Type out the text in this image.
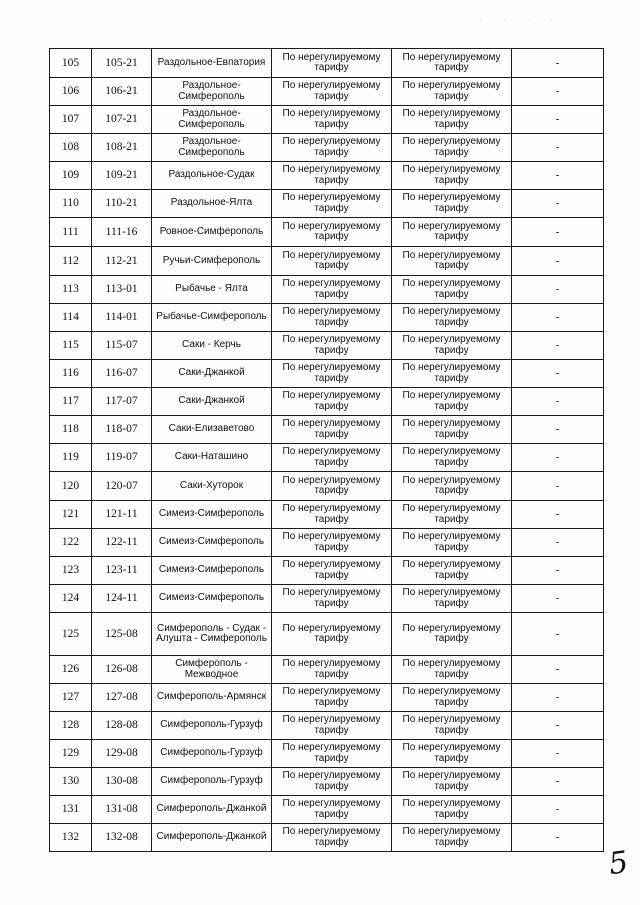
· · · ·
105	105-21	Раздольное-Евпатория	По нерегулируемому
тарифу	По нерегулируемому
тарифу	-
106	106-21	Раздольное-Симферополь	По нерегулируемому
тарифу	По нерегулируемому
тарифу	-
107	107-21	Раздольное-Симферополь	По нерегулируемому
тарифу	По нерегулируемому
тарифу	-
108	108-21	Раздольное-Симферополь	По нерегулируемому
тарифу	По нерегулируемому
тарифу	-
109	109-21	Раздольное-Судак	По нерегулируемому
тарифу	По нерегулируемому
тарифу	-
110	110-21	Раздольное-Ялта	По нерегулируемому
тарифу	По нерегулируемому
тарифу	-
111	111-16	Ровное-Симферополь	По нерегулируемому
тарифу	По нерегулируемому
тарифу	-
112	112-21	Ручьи-Симферополь	По нерегулируемому
тарифу	По нерегулируемому
тарифу	-
113	113-01	Рыбачье - Ялта	По нерегулируемому
тарифу	По нерегулируемому
тарифу	-
114	114-01	Рыбачье-Симферополь	По нерегулируемому
тарифу	По нерегулируемому
тарифу	-
115	115-07	Саки - Керчь	По нерегулируемому
тарифу	По нерегулируемому
тарифу	-
116	116-07	Саки-Джанкой	По нерегулируемому
тарифу	По нерегулируемому
тарифу	-
117	117-07	Саки-Джанкой	По нерегулируемому
тарифу	По нерегулируемому
тарифу	-
118	118-07	Саки-Елизаветово	По нерегулируемому
тарифу	По нерегулируемому
тарифу	-
119	119-07	Саки-Наташино	По нерегулируемому
тарифу	По нерегулируемому
тарифу	-
120	120-07	Саки-Хуторок	По нерегулируемому
тарифу	По нерегулируемому
тарифу	-
121	121-11	Симеиз-Симферополь	По нерегулируемому
тарифу	По нерегулируемому
тарифу	-
122	122-11	Симеиз-Симферополь	По нерегулируемому
тарифу	По нерегулируемому
тарифу	-
123	123-11	Симеиз-Симферополь	По нерегулируемому
тарифу	По нерегулируемому
тарифу	-
124	124-11	Симеиз-Симферополь	По нерегулируемому
тарифу	По нерегулируемому
тарифу	-
125	125-08	Симферополь - Судак - Алушта - Симферополь	По нерегулируемому
тарифу	По нерегулируемому
тарифу	-
126	126-08	Симферополь - Межводное	По нерегулируемому
тарифу	По нерегулируемому
тарифу	-
127	127-08	Симферополь-Армянск	По нерегулируемому
тарифу	По нерегулируемому
тарифу	-
128	128-08	Симферополь-Гурзуф	По нерегулируемому
тарифу	По нерегулируемому
тарифу	-
129	129-08	Симферополь-Гурзуф	По нерегулируемому
тарифу	По нерегулируемому
тарифу	-
130	130-08	Симферополь-Гурзуф	По нерегулируемому
тарифу	По нерегулируемому
тарифу	-
131	131-08	Симферополь-Джанкой	По нерегулируемому
тарифу	По нерегулируемому
тарифу	-
132	132-08	Симферополь-Джанкой	По нерегулируемому
тарифу	По нерегулируемому
тарифу	-
5
